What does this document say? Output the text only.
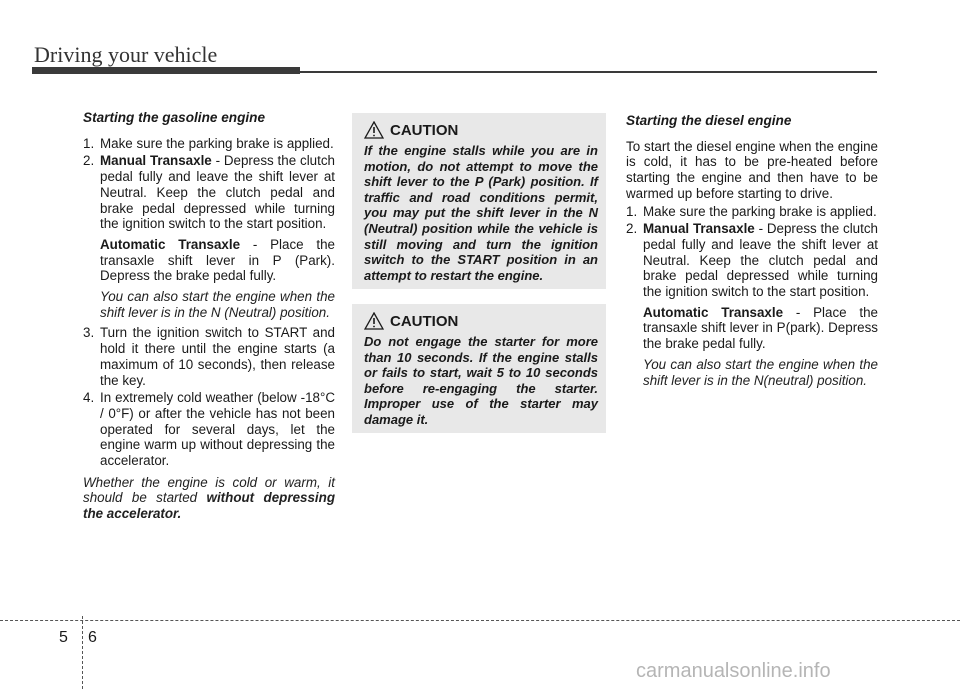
Driving your vehicle
Starting the gasoline engine
1. Make sure the parking brake is applied.
2. Manual Transaxle - Depress the clutch pedal fully and leave the shift lever at Neutral. Keep the clutch pedal and brake pedal depressed while turning the ignition switch to the start position.
Automatic Transaxle - Place the transaxle shift lever in P (Park). Depress the brake pedal fully.
You can also start the engine when the shift lever is in the N (Neutral) position.
3. Turn the ignition switch to START and hold it there until the engine starts (a maximum of 10 seconds), then release the key.
4. In extremely cold weather (below -18°C / 0°F) or after the vehicle has not been operated for several days, let the engine warm up without depressing the accelerator.
Whether the engine is cold or warm, it should be started without depressing the accelerator.
CAUTION
If the engine stalls while you are in motion, do not attempt to move the shift lever to the P (Park) position. If traffic and road conditions permit, you may put the shift lever in the N (Neutral) position while the vehicle is still moving and turn the ignition switch to the START position in an attempt to restart the engine.
CAUTION
Do not engage the starter for more than 10 seconds. If the engine stalls or fails to start, wait 5 to 10 seconds before re-engaging the starter. Improper use of the starter may damage it.
Starting the diesel engine
To start the diesel engine when the engine is cold, it has to be pre-heated before starting the engine and then have to be warmed up before starting to drive.
1. Make sure the parking brake is applied.
2. Manual Transaxle - Depress the clutch pedal fully and leave the shift lever at Neutral. Keep the clutch pedal and brake pedal depressed while turning the ignition switch to the start position.
Automatic Transaxle - Place the transaxle shift lever in P(park). Depress the brake pedal fully.
You can also start the engine when the shift lever is in the N(neutral) position.
5 6
carmanualsonline.info
